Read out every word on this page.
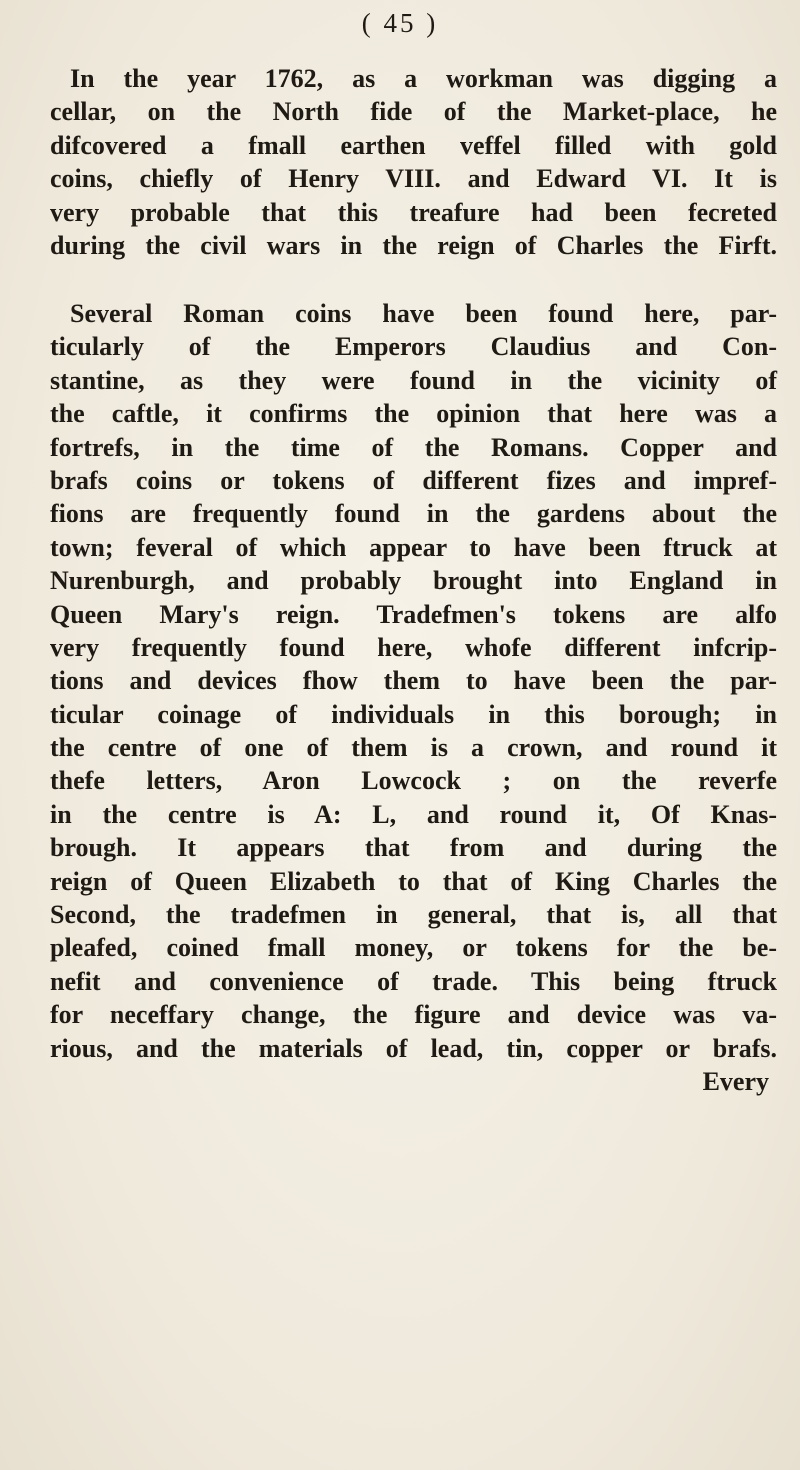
( 45 )
In the year 1762, as a workman was digging a
cellar, on the North fide of the Market-place, he
difcovered a fmall earthen veffel filled with gold
coins, chiefly of Henry VIII. and Edward VI. It is
very probable that this treafure had been fecreted
during the civil wars in the reign of Charles the Firft.
Several Roman coins have been found here, par-
ticularly of the Emperors Claudius and Con-
stantine, as they were found in the vicinity of
the caftle, it confirms the opinion that here was a
fortrefs, in the time of the Romans. Copper and
brafs coins or tokens of different fizes and impref-
fions are frequently found in the gardens about the
town; feveral of which appear to have been ftruck at
Nurenburgh, and probably brought into England in
Queen Mary's reign. Tradefmen's tokens are alfo
very frequently found here, whofe different infcrip-
tions and devices fhow them to have been the par-
ticular coinage of individuals in this borough; in
the centre of one of them is a crown, and round it
thefe letters, Aron Lowcock ; on the reverfe
in the centre is A: L, and round it, Of Knas-
brough. It appears that from and during the
reign of Queen Elizabeth to that of King Charles the
Second, the tradefmen in general, that is, all that
pleafed, coined fmall money, or tokens for the be-
nefit and convenience of trade. This being ftruck
for neceffary change, the figure and device was va-
rious, and the materials of lead, tin, copper or brafs.
Every
